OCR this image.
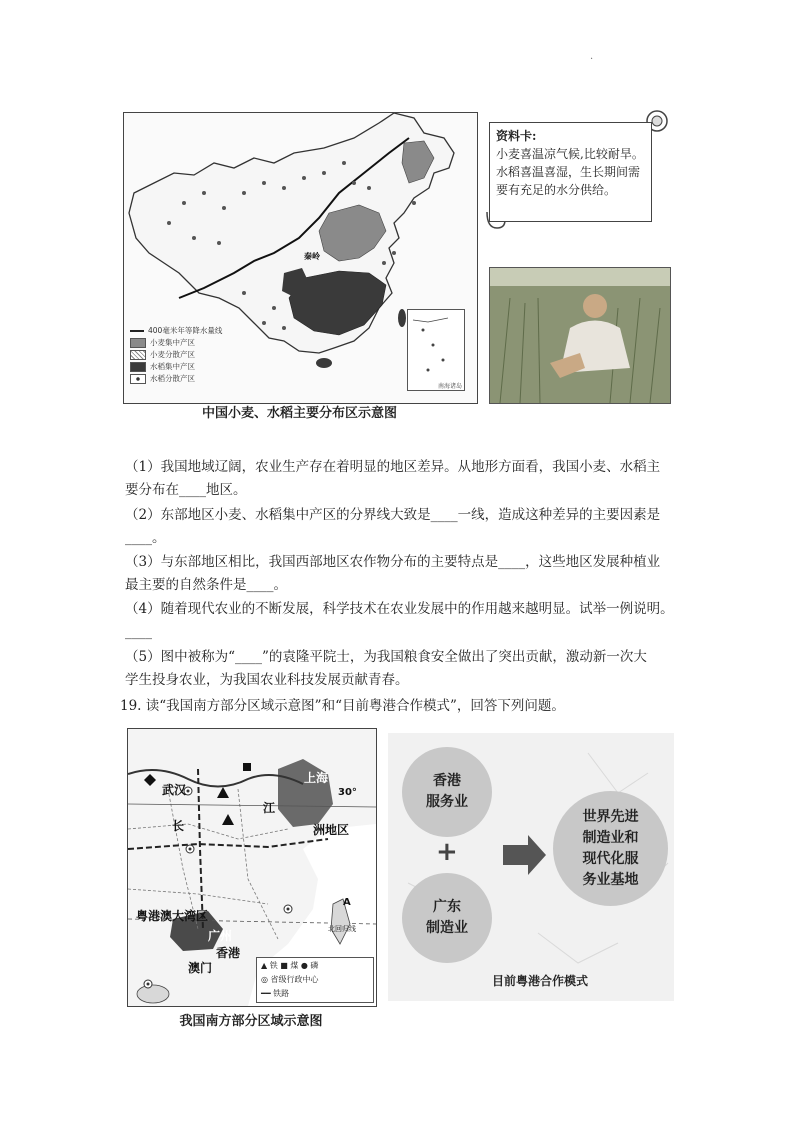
·
秦岭
400毫米年等降水量线
小麦集中产区
小麦分散产区
水稻集中产区
水稻分散产区
南海诸岛
中国小麦、水稻主要分布区示意图
资料卡:
小麦喜温凉气候,比较耐旱。
水稻喜温喜湿，生长期间需
要有充足的水分供给。
（1）我国地域辽阔，农业生产存在着明显的地区差异。从地形方面看，我国小麦、水稻主
要分布在____地区。
（2）东部地区小麦、水稻集中产区的分界线大致是____一线，造成这种差异的主要因素是
____。
（3）与东部地区相比，我国西部地区农作物分布的主要特点是____，这些地区发展种植业
最主要的自然条件是____。
（4）随着现代农业的不断发展，科学技术在农业发展中的作用越来越明显。试举一例说明。
____
（5）图中被称为“____”的袁隆平院士，为我国粮食安全做出了突出贡献，激动新一次大
学生投身农业，为我国农业科技发展贡献青春。
19. 读“我国南方部分区域示意图”和“目前粤港合作模式”，回答下列问题。
武汉
上海
洲地区
长
江
30°
粤港澳大湾区
广州
香港
澳门
北回归线
A
▲ 铁 ■ 煤 ● 磷
◎ 省级行政中心
━━ 铁路
我国南方部分区域示意图
香港
服务业
+
广东
制造业
世界先进
制造业和
现代化服
务业基地
目前粤港合作模式
